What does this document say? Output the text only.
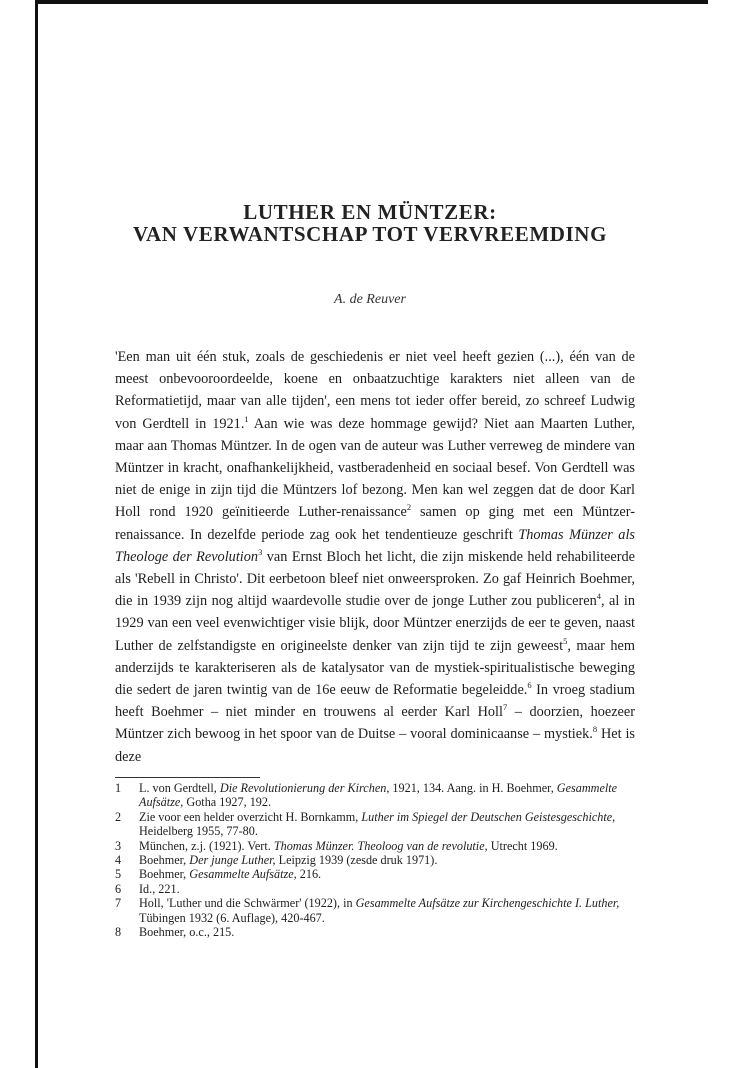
LUTHER EN MÜNTZER:
VAN VERWANTSCHAP TOT VERVREEMDING
A. de Reuver

'Een man uit één stuk, zoals de geschiedenis er niet veel heeft gezien (...), één van de meest onbevooroordeelde, koene en onbaatzuchtige karakters niet alleen van de Reformatietijd, maar van alle tijden', een mens tot ieder offer bereid, zo schreef Ludwig von Gerdtell in 1921.$^1$ Aan wie was deze hommage gewijd? Niet aan Maarten Luther, maar aan Thomas Müntzer. In de ogen van de auteur was Luther verreweg de mindere van Müntzer in kracht, onafhankelijkheid, vastberadenheid en sociaal besef. Von Gerdtell was niet de enige in zijn tijd die Müntzers lof bezong. Men kan wel zeggen dat de door Karl Holl rond 1920 geïnitieerde Luther-renaissance$^2$ samen op ging met een Müntzer-renaissance. In dezelfde periode zag ook het tendentieuze geschrift Thomas Münzer als Theologe der Revolution$^3$ van Ernst Bloch het licht, die zijn miskende held rehabiliteerde als 'Rebell in Christo'. Dit eerbetoon bleef niet onweersproken. Zo gaf Heinrich Boehmer, die in 1939 zijn nog altijd waardevolle studie over de jonge Luther zou publiceren$^4$, al in 1929 van een veel evenwichtiger visie blijk, door Müntzer enerzijds de eer te geven, naast Luther de zelfstandigste en origineelste denker van zijn tijd te zijn geweest$^5$, maar hem anderzijds te karakteriseren als de katalysator van de mystiek-spiritualistische beweging die sedert de jaren twintig van de 16e eeuw de Reformatie begeleidde.$^6$ In vroeg stadium heeft Boehmer – niet minder en trouwens al eerder Karl Holl$^7$ – doorzien, hoezeer Müntzer zich bewoog in het spoor van de Duitse – vooral dominicaanse – mystiek.$^8$ Het is deze

1	L. von Gerdtell, Die Revolutionierung der Kirchen, 1921, 134. Aang. in H. Boehmer, Gesammelte Aufsätze, Gotha 1927, 192.
2	Zie voor een helder overzicht H. Bornkamm, Luther im Spiegel der Deutschen Geistesgeschichte, Heidelberg 1955, 77-80.
3	München, z.j. (1921). Vert. Thomas Münzer. Theoloog van de revolutie, Utrecht 1969.
4	Boehmer, Der junge Luther, Leipzig 1939 (zesde druk 1971).
5	Boehmer, Gesammelte Aufsätze, 216.
6	Id., 221.
7	Holl, 'Luther und die Schwärmer' (1922), in Gesammelte Aufsätze zur Kirchengeschichte I. Luther, Tübingen 1932 (6. Auflage), 420-467.
8	Boehmer, o.c., 215.
